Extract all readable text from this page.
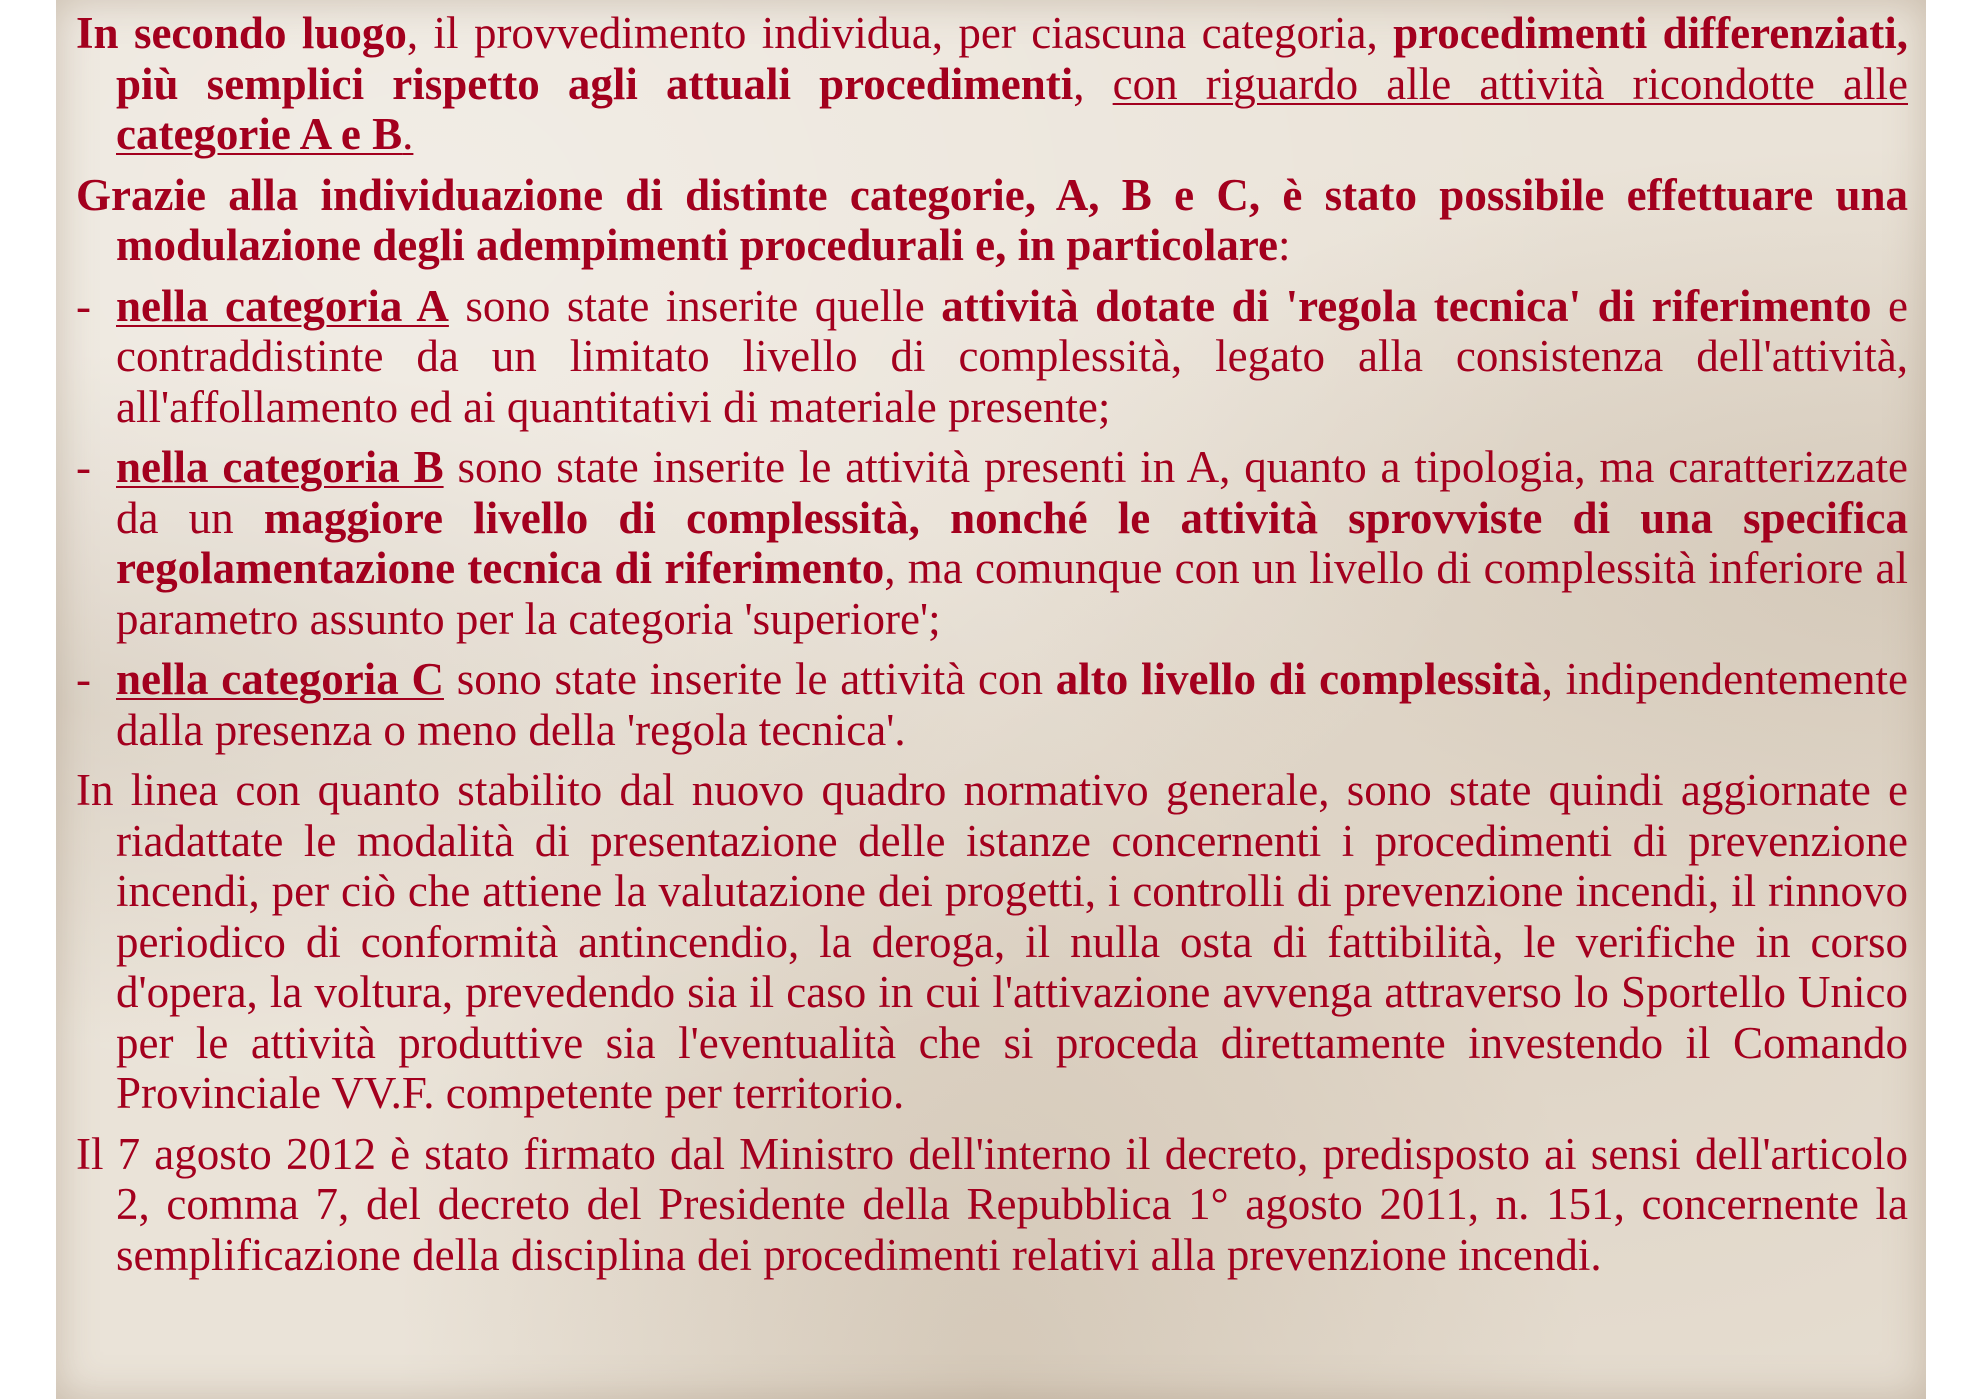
In secondo luogo, il provvedimento individua, per ciascuna categoria, procedimenti differenziati, più semplici rispetto agli attuali procedimenti, con riguardo alle attività ricondotte alle categorie A e B.

Grazie alla individuazione di distinte categorie, A, B e C, è stato possibile effettuare una modulazione degli adempimenti procedurali e, in particolare:

- nella categoria A sono state inserite quelle attività dotate di 'regola tecnica' di riferimento e contraddistinte da un limitato livello di complessità, legato alla consistenza dell'attività, all'affollamento ed ai quantitativi di materiale presente;

- nella categoria B sono state inserite le attività presenti in A, quanto a tipologia, ma caratterizzate da un maggiore livello di complessità, nonché le attività sprovviste di una specifica regolamentazione tecnica di riferimento, ma comunque con un livello di complessità inferiore al parametro assunto per la categoria 'superiore';

- nella categoria C sono state inserite le attività con alto livello di complessità, indipendentemente dalla presenza o meno della 'regola tecnica'.

In linea con quanto stabilito dal nuovo quadro normativo generale, sono state quindi aggiornate e riadattate le modalità di presentazione delle istanze concernenti i procedimenti di prevenzione incendi, per ciò che attiene la valutazione dei progetti, i controlli di prevenzione incendi, il rinnovo periodico di conformità antincendio, la deroga, il nulla osta di fattibilità, le verifiche in corso d'opera, la voltura, prevedendo sia il caso in cui l'attivazione avvenga attraverso lo Sportello Unico per le attività produttive sia l'eventualità che si proceda direttamente investendo il Comando Provinciale VV.F. competente per territorio.

Il 7 agosto 2012 è stato firmato dal Ministro dell'interno il decreto, predisposto ai sensi dell'articolo 2, comma 7, del decreto del Presidente della Repubblica 1° agosto 2011, n. 151, concernente la semplificazione della disciplina dei procedimenti relativi alla prevenzione incendi.
